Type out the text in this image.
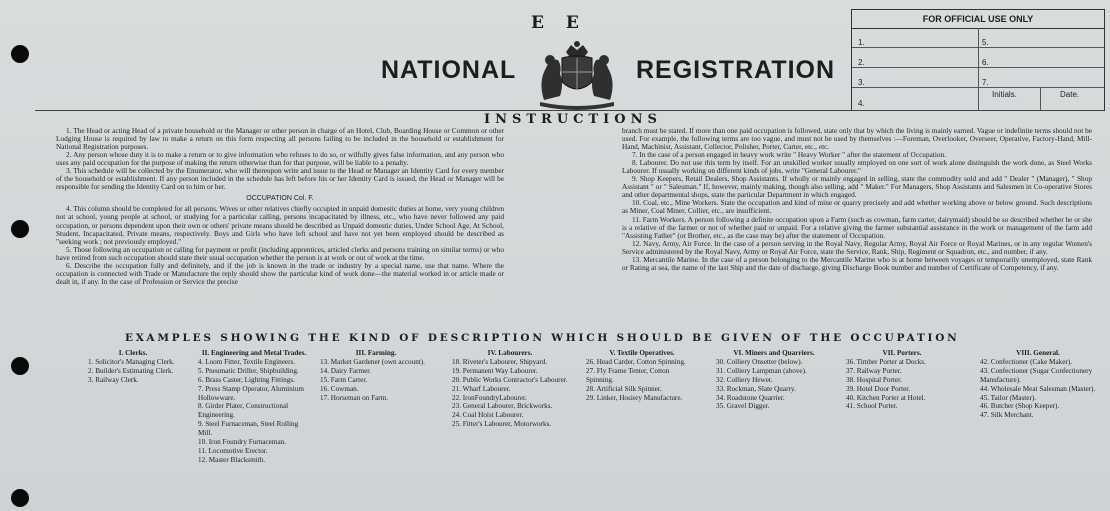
E E
NATIONAL	REGISTRATION
FOR OFFICIAL USE ONLY
1.
2.
3.
4.
5.
6.
7.
Initials.	Date.
INSTRUCTIONS

1. The Head or acting Head of a private household or the Manager or other person in charge of an Hotel, Club, Boarding House or Common or other Lodging House is required by law to make a return on this form respecting all persons failing to be included in the household or establishment for National Registration purposes.

2. Any person whose duty it is to make a return or to give information who refuses to do so, or wilfully gives false information, and any person who uses any paid occupation for the purpose of making the return otherwise than for that purpose, will be liable to a penalty.

3. This schedule will be collected by the Enumerator, who will thereupon write and issue to the Head or Manager an Identity Card for every member of the household or establishment. If any person included in the schedule has left before his or her Identity Card is issued, the Head or Manager will be responsible for sending the Identity Card on to him or her.

OCCUPATION Col. F.

4. This column should be completed for all persons. Wives or other relatives chiefly occupied in unpaid domestic duties at home, very young children not at school, young people at school, or studying for a particular calling, persons incapacitated by illness, etc., who have never followed any paid occupation, or persons dependent upon their own or others' private means should be described as Unpaid domestic duties, Under School Age, At School, Student, Incapacitated, Private means, respectively. Boys and Girls who have left school and have not yet been employed should be described as "seeking work ; not previously employed."

5. Those following an occupation or calling for payment or profit (including apprentices, articled clerks and persons training on similar terms) or who have retired from such occupation should state their usual occupation whether the person is at work or out of work at the time.

6. Describe the occupation fully and definitely, and if the job is known in the trade or industry by a special name, use that name. Where the occupation is connected with Trade or Manufacture the reply should show the particular kind of work done—the material worked in or article made or dealt in, if any. In the case of Profession or Service the precise

branch must be stated. If more than one paid occupation is followed, state only that by which the living is mainly earned. Vague or indefinite terms should not be used. For example, the following terms are too vague, and must not be used by themselves :—Foreman, Overlooker, Overseer, Operative, Factory-Hand, Mill-Hand, Machinist, Assistant, Collector, Polisher, Porter, Carter, etc., etc.

7. In the case of a person engaged in heavy work write " Heavy Worker " after the statement of Occupation.

8. Labourer. Do not use this term by itself. For an unskilled worker usually employed on one sort of work alone distinguish the work done, as Steel Works Labourer. If usually working on different kinds of jobs, write "General Labourer."

9. Shop Keepers, Retail Dealers, Shop Assistants. If wholly or mainly engaged in selling, state the commodity sold and add " Dealer " (Manager), " Shop Assistant " or " Salesman." If, however, mainly making, though also selling, add " Maker." For Managers, Shop Assistants and Salesmen in Co-operative Stores and other departmental shops, state the particular Department in which engaged.

10. Coal, etc., Mine Workers. State the occupation and kind of mine or quarry precisely and add whether working above or below ground. Such descriptions as Miner, Coal Miner, Collier, etc., are insufficient.

11. Farm Workers. A person following a definite occupation upon a Farm (such as cowman, farm carter, dairymaid) should be so described whether he or she is a relative of the farmer or not of whether paid or unpaid. For a relative giving the farmer substantial assistance in the work or management of the farm add "Assisting Father" (or Brother, etc., as the case may be) after the statement of Occupation.

12. Navy, Army, Air Force. In the case of a person serving in the Royal Navy, Regular Army, Royal Air Force or Royal Marines, or in any regular Women's Service administered by the Royal Navy, Army or Royal Air Force, state the Service, Rank, Ship, Regiment or Squadron, etc., and number, if any.

13. Mercantile Marine. In the case of a person belonging to the Mercantile Marine who is at home between voyages or temporarily unemployed, state Rank or Rating at sea, the name of the last Ship and the date of discharge, giving Discharge Book number and number of Certificate of Competency, if any.

EXAMPLES SHOWING THE KIND OF DESCRIPTION WHICH SHOULD BE GIVEN OF THE OCCUPATION
I. Clerks.
1. Solicitor's Managing Clerk.
2. Builder's Estimating Clerk.
3. Railway Clerk.
II. Engineering and Metal Trades.
4. Loom Fitter, Textile Engineers.
5. Pneumatic Driller, Shipbuilding.
6. Brass Caster, Lighting Fittings.
7. Press Stamp Operator, Aluminium Hollowware.
8. Girder Plater, Constructional Engineering.
9. Steel Furnaceman, Steel Rolling Mill.
10. Iron Foundry Furnaceman.
11. Locomotive Erector.
12. Master Blacksmith.
III. Farming.
13. Market Gardener (own account).
14. Dairy Farmer.
15. Farm Carter.
16. Cowman.
17. Horseman on Farm.
IV. Labourers.
18. Riveter's Labourer, Shipyard.
19. Permanent Way Labourer.
20. Public Works Contractor's Labourer.
21. Wharf Labourer.
22. IronFoundryLabourer.
23. General Labourer, Brickworks.
24. Coal Hoist Labourer.
25. Fitter's Labourer, Motorworks.
V. Textile Operatives.
26. Head Carder, Cotton Spinning.
27. Fly Frame Tenter, Cotton Spinning.
28. Artificial Silk Spinner.
29. Linker, Hosiery Manufacture.
VI. Miners and Quarriers.
30. Colliery Onsetter (below).
31. Colliery Lampman (above).
32. Colliery Hewer.
33. Rockman, Slate Quarry.
34. Roadstone Quarrier.
35. Gravel Digger.
VII. Porters.
36. Timber Porter at Docks.
37. Railway Porter.
38. Hospital Porter.
39. Hotel Door Porter.
40. Kitchen Porter at Hotel.
41. School Porter.
VIII. General.
42. Confectioner (Cake Maker).
43. Confectioner (Sugar Confectionery Manufacture).
44. Wholesale Meat Salesman (Master).
45. Tailor (Master).
46. Butcher (Shop Keeper).
47. Silk Merchant.
